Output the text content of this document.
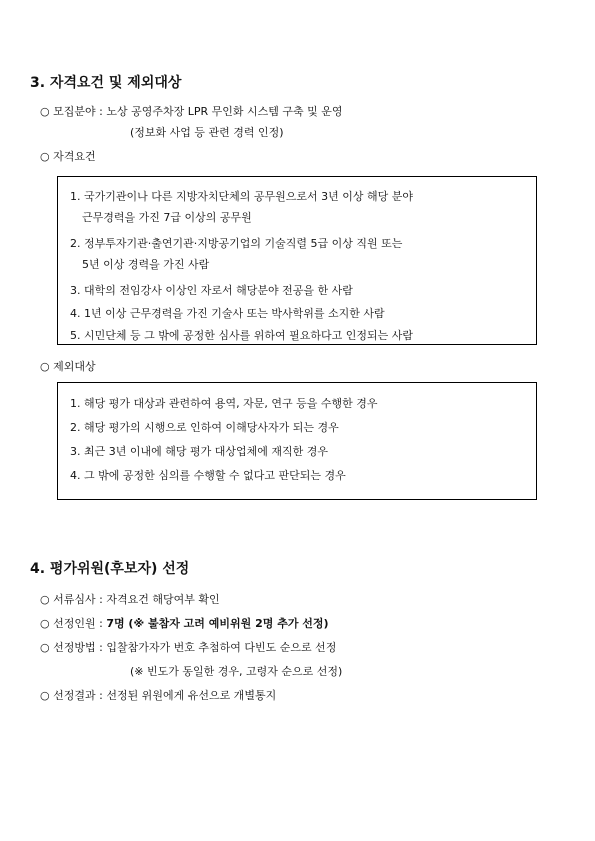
3. 자격요건 및 제외대상
○ 모집분야 : 노상 공영주차장 LPR 무인화 시스템 구축 및 운영
(정보화 사업 등 관련 경력 인정)
○ 자격요건
1. 국가기관이나 다른 지방자치단체의 공무원으로서 3년 이상 해당 분야
근무경력을 가진 7급 이상의 공무원
2. 정부투자기관·출연기관·지방공기업의 기술직렬 5급 이상 직원 또는
5년 이상 경력을 가진 사람
3. 대학의 전임강사 이상인 자로서 해당분야 전공을 한 사람
4. 1년 이상 근무경력을 가진 기술사 또는 박사학위를 소지한 사람
5. 시민단체 등 그 밖에 공정한 심사를 위하여 필요하다고 인정되는 사람
○ 제외대상
1. 해당 평가 대상과 관련하여 용역, 자문, 연구 등을 수행한 경우
2. 해당 평가의 시행으로 인하여 이해당사자가 되는 경우
3. 최근 3년 이내에 해당 평가 대상업체에 재직한 경우
4. 그 밖에 공정한 심의를 수행할 수 없다고 판단되는 경우
4. 평가위원(후보자) 선정
○ 서류심사 : 자격요건 해당여부 확인
○ 선정인원 : 7명 (※ 불참자 고려 예비위원 2명 추가 선정)
○ 선정방법 : 입찰참가자가 번호 추첨하여 다빈도 순으로 선정
(※ 빈도가 동일한 경우, 고령자 순으로 선정)
○ 선정결과 : 선정된 위원에게 유선으로 개별통지
